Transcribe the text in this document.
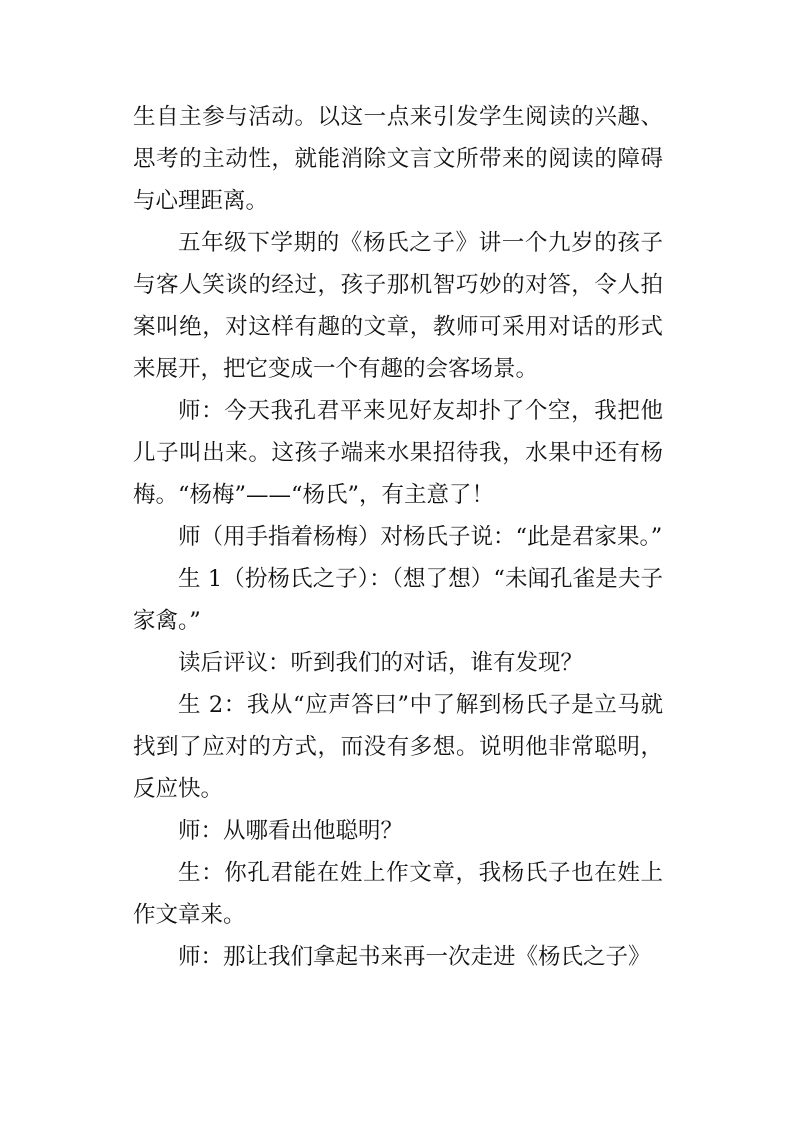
生自主参与活动。以这一点来引发学生阅读的兴趣、思考的主动性，就能消除文言文所带来的阅读的障碍与心理距离。

五年级下学期的《杨氏之子》讲一个九岁的孩子与客人笑谈的经过，孩子那机智巧妙的对答，令人拍案叫绝，对这样有趣的文章，教师可采用对话的形式来展开，把它变成一个有趣的会客场景。

师：今天我孔君平来见好友却扑了个空，我把他儿子叫出来。这孩子端来水果招待我，水果中还有杨梅。“杨梅”——“杨氏”，有主意了！

师（用手指着杨梅）对杨氏子说：“此是君家果。”

生 1（扮杨氏之子）：（想了想）“未闻孔雀是夫子家禽。”

读后评议：听到我们的对话，谁有发现？

生 2：我从“应声答曰”中了解到杨氏子是立马就找到了应对的方式，而没有多想。说明他非常聪明，反应快。

师：从哪看出他聪明？

生：你孔君能在姓上作文章，我杨氏子也在姓上作文章来。

师：那让我们拿起书来再一次走进《杨氏之子》
